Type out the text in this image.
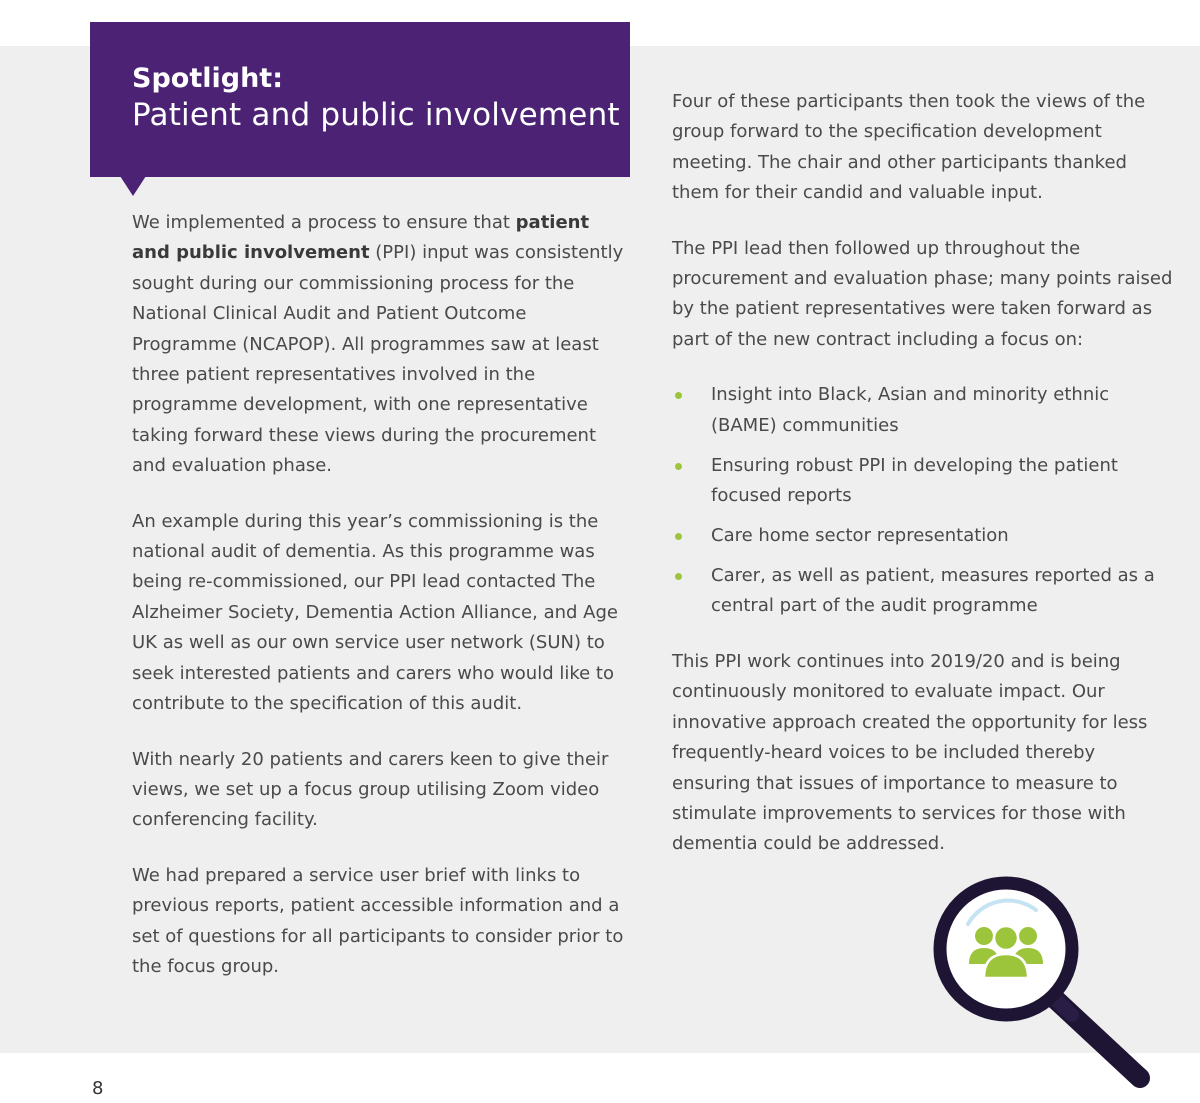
Spotlight:
Patient and public involvement

We implemented a process to ensure that patient and public involvement (PPI) input was consistently sought during our commissioning process for the National Clinical Audit and Patient Outcome Programme (NCAPOP). All programmes saw at least three patient representatives involved in the programme development, with one representative taking forward these views during the procurement and evaluation phase.

An example during this year’s commissioning is the national audit of dementia. As this programme was being re-commissioned, our PPI lead contacted The Alzheimer Society, Dementia Action Alliance, and Age UK as well as our own service user network (SUN) to seek interested patients and carers who would like to contribute to the specification of this audit.

With nearly 20 patients and carers keen to give their views, we set up a focus group utilising Zoom video conferencing facility.

We had prepared a service user brief with links to previous reports, patient accessible information and a set of questions for all participants to consider prior to the focus group.

Four of these participants then took the views of the group forward to the specification development meeting. The chair and other participants thanked them for their candid and valuable input.

The PPI lead then followed up throughout the procurement and evaluation phase; many points raised by the patient representatives were taken forward as part of the new contract including a focus on:

Insight into Black, Asian and minority ethnic (BAME) communities
Ensuring robust PPI in developing the patient focused reports
Care home sector representation
Carer, as well as patient, measures reported as a central part of the audit programme

This PPI work continues into 2019/20 and is being continuously monitored to evaluate impact. Our innovative approach created the opportunity for less frequently-heard voices to be included thereby ensuring that issues of importance to measure to stimulate improvements to services for those with dementia could be addressed.

8
